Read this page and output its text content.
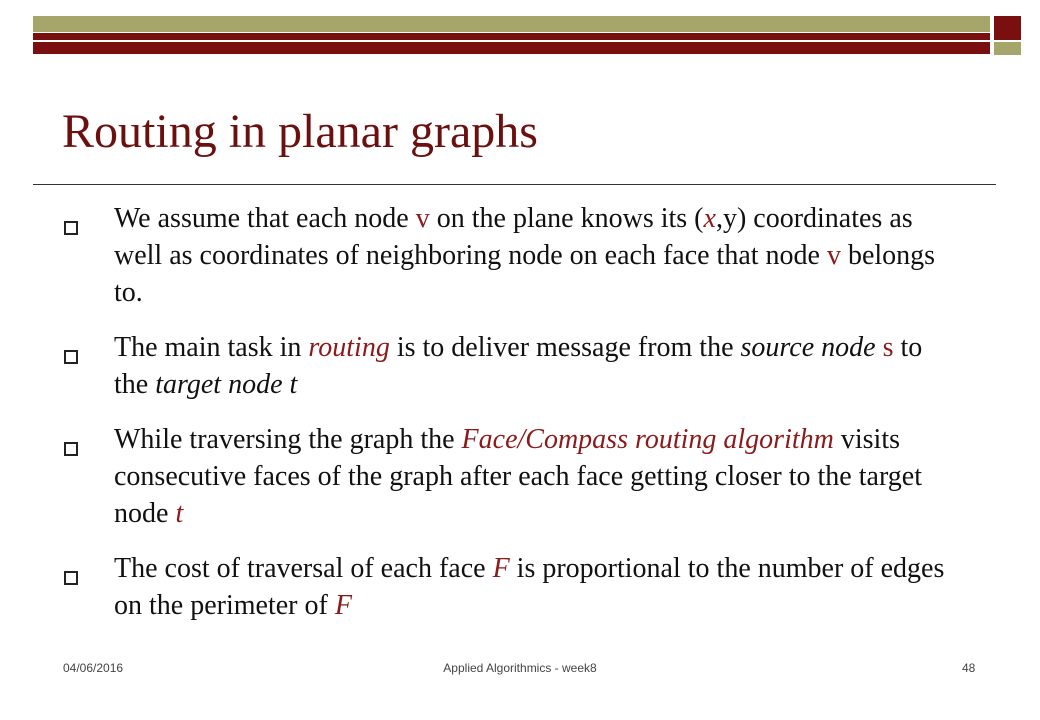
Routing in planar graphs
We assume that each node v on the plane knows its (x,y) coordinates as well as coordinates of neighboring node on each face that node v belongs to.
The main task in routing is to deliver message from the source node s to the target node t
While traversing the graph the Face/Compass routing algorithm visits consecutive faces of the graph after each face getting closer to the target node t
The cost of traversal of each face F is proportional to the number of edges on the perimeter of F
04/06/2016	Applied Algorithmics - week8	48
